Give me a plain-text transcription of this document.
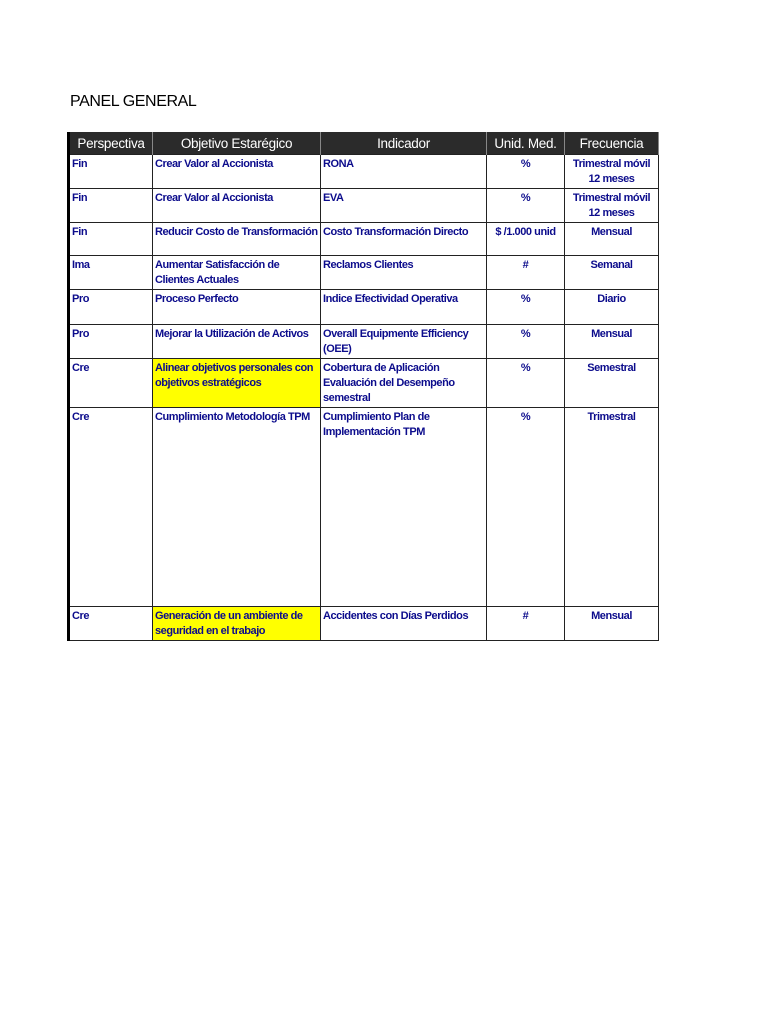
PANEL GENERAL
Perspectiva	Objetivo Estarégico	Indicador	Unid. Med.	Frecuencia
Fin	Crear Valor al Accionista	RONA	%	Trimestral móvil 12 meses
Fin	Crear Valor al Accionista	EVA	%	Trimestral móvil 12 meses
Fin	Reducir Costo de Transformación	Costo Transformación Directo	$ /1.000 unid	Mensual
Ima	Aumentar Satisfacción de Clientes Actuales	Reclamos Clientes	#	Semanal
Pro	Proceso Perfecto	Indice Efectividad Operativa	%	Diario
Pro	Mejorar la Utilización de Activos	Overall Equipmente Efficiency (OEE)	%	Mensual
Cre	Alinear objetivos personales con objetivos estratégicos	Cobertura de Aplicación Evaluación del Desempeño semestral	%	Semestral
Cre	Cumplimiento Metodología TPM	Cumplimiento Plan de Implementación TPM	%	Trimestral
Cre	Generación de un ambiente de seguridad en el trabajo	Accidentes con Días Perdidos	#	Mensual
